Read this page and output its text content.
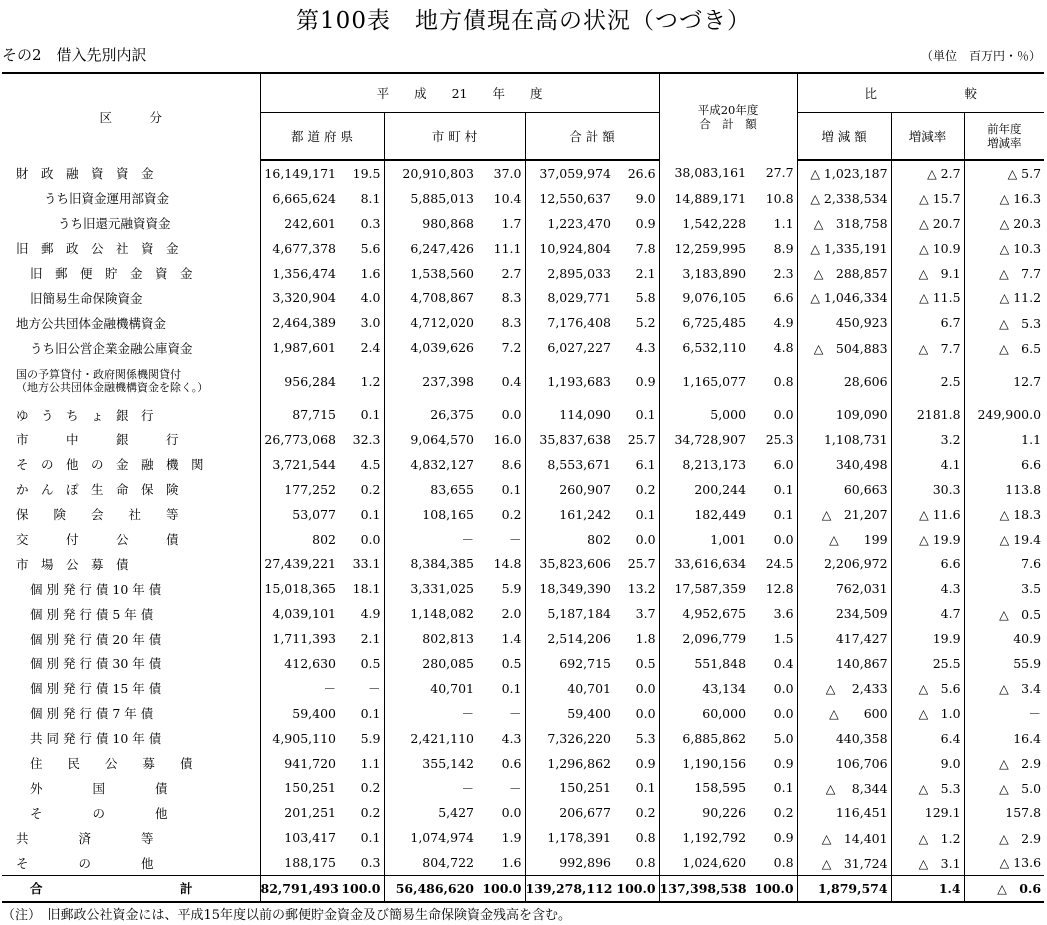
第100表　地方債現在高の状況（つづき）
その2　借入先別内訳	（単位　百万円・％）
区　　　分	平　　成　　21　　年　　度						平成20年度
合　計　額		比　　　　　　　較		
	都 道 府 県		市 町 村		合 計 額				増 減 額	増減率	前年度
増減率

財　政　融　資　資　金	16,149,171	19.5	20,910,803	37.0	37,059,974	26.6	38,083,161	27.7	△ 1,023,187	△ 2.7	△ 5.7
うち旧資金運用部資金	6,665,624	8.1	5,885,013	10.4	12,550,637	9.0	14,889,171	10.8	△ 2,338,534	△ 15.7	△ 16.3
うち旧還元融資資金	242,601	0.3	980,868	1.7	1,223,470	0.9	1,542,228	1.1	△　318,758	△ 20.7	△ 20.3
旧　郵　政　公　社　資　金	4,677,378	5.6	6,247,426	11.1	10,924,804	7.8	12,259,995	8.9	△ 1,335,191	△ 10.9	△ 10.3
旧　郵　便　貯　金　資　金	1,356,474	1.6	1,538,560	2.7	2,895,033	2.1	3,183,890	2.3	△　288,857	△　9.1	△　7.7
旧簡易生命保険資金	3,320,904	4.0	4,708,867	8.3	8,029,771	5.8	9,076,105	6.6	△ 1,046,334	△ 11.5	△ 11.2
地方公共団体金融機構資金	2,464,389	3.0	4,712,020	8.3	7,176,408	5.2	6,725,485	4.9	450,923	6.7	△　5.3
うち旧公営企業金融公庫資金	1,987,601	2.4	4,039,626	7.2	6,027,227	4.3	6,532,110	4.8	△　504,883	△　7.7	△　6.5

国の予算貸付・政府関係機関貸付
（地方公共団体金融機構資金を除く。）	956,284	1.2	237,398	0.4	1,193,683	0.9	1,165,077	0.8	28,606	2.5	12.7
ゆ　う　ち　ょ　銀　行	87,715	0.1	26,375	0.0	114,090	0.1	5,000	0.0	109,090	2181.8	249,900.0
市　　　中　　　銀　　　行	26,773,068	32.3	9,064,570	16.0	35,837,638	25.7	34,728,907	25.3	1,108,731	3.2	1.1
そ　の　他　の　金　融　機　関	3,721,544	4.5	4,832,127	8.6	8,553,671	6.1	8,213,173	6.0	340,498	4.1	6.6
か　ん　ぽ　生　命　保　険	177,252	0.2	83,655	0.1	260,907	0.2	200,244	0.1	60,663	30.3	113.8
保　　険　　会　　社　　等	53,077	0.1	108,165	0.2	161,242	0.1	182,449	0.1	△　21,207	△ 11.6	△ 18.3
交　　　付　　　公　　　債	802	0.0	－	－	802	0.0	1,001	0.0	△　　199	△ 19.9	△ 19.4
市　場　公　募　債	27,439,221	33.1	8,384,385	14.8	35,823,606	25.7	33,616,634	24.5	2,206,972	6.6	7.6
個 別 発 行 債 10 年 債	15,018,365	18.1	3,331,025	5.9	18,349,390	13.2	17,587,359	12.8	762,031	4.3	3.5
個 別 発 行 債 5 年 債	4,039,101	4.9	1,148,082	2.0	5,187,184	3.7	4,952,675	3.6	234,509	4.7	△　0.5
個 別 発 行 債 20 年 債	1,711,393	2.1	802,813	1.4	2,514,206	1.8	2,096,779	1.5	417,427	19.9	40.9
個 別 発 行 債 30 年 債	412,630	0.5	280,085	0.5	692,715	0.5	551,848	0.4	140,867	25.5	55.9
個 別 発 行 債 15 年 債	－	－	40,701	0.1	40,701	0.0	43,134	0.0	△　 2,433	△　5.6	△　3.4
個 別 発 行 債 7 年 債	59,400	0.1	－	－	59,400	0.0	60,000	0.0	△　　600	△　1.0	－
共 同 発 行 債 10 年 債	4,905,110	5.9	2,421,110	4.3	7,326,220	5.3	6,885,862	5.0	440,358	6.4	16.4
住　　民　　公　　募　　債	941,720	1.1	355,142	0.6	1,296,862	0.9	1,190,156	0.9	106,706	9.0	△　2.9
外　　　　国　　　　債	150,251	0.2	－	－	150,251	0.1	158,595	0.1	△　 8,344	△　5.3	△　5.0
そ　　　　の　　　　他	201,251	0.2	5,427	0.0	206,677	0.2	90,226	0.2	116,451	129.1	157.8
共　　　　済　　　　等	103,417	0.1	1,074,974	1.9	1,178,391	0.8	1,192,792	0.9	△　14,401	△　1.2	△　2.9
そ　　　　の　　　　他	188,175	0.3	804,722	1.6	992,896	0.8	1,024,620	0.8	△　31,724	△　3.1	△ 13.6
合　　　　　　　　　　　計	82,791,493	100.0	56,486,620	100.0	139,278,112	100.0	137,398,538	100.0	1,879,574	1.4	△　0.6
（注）　旧郵政公社資金には、平成15年度以前の郵便貯金資金及び簡易生命保険資金残高を含む。
